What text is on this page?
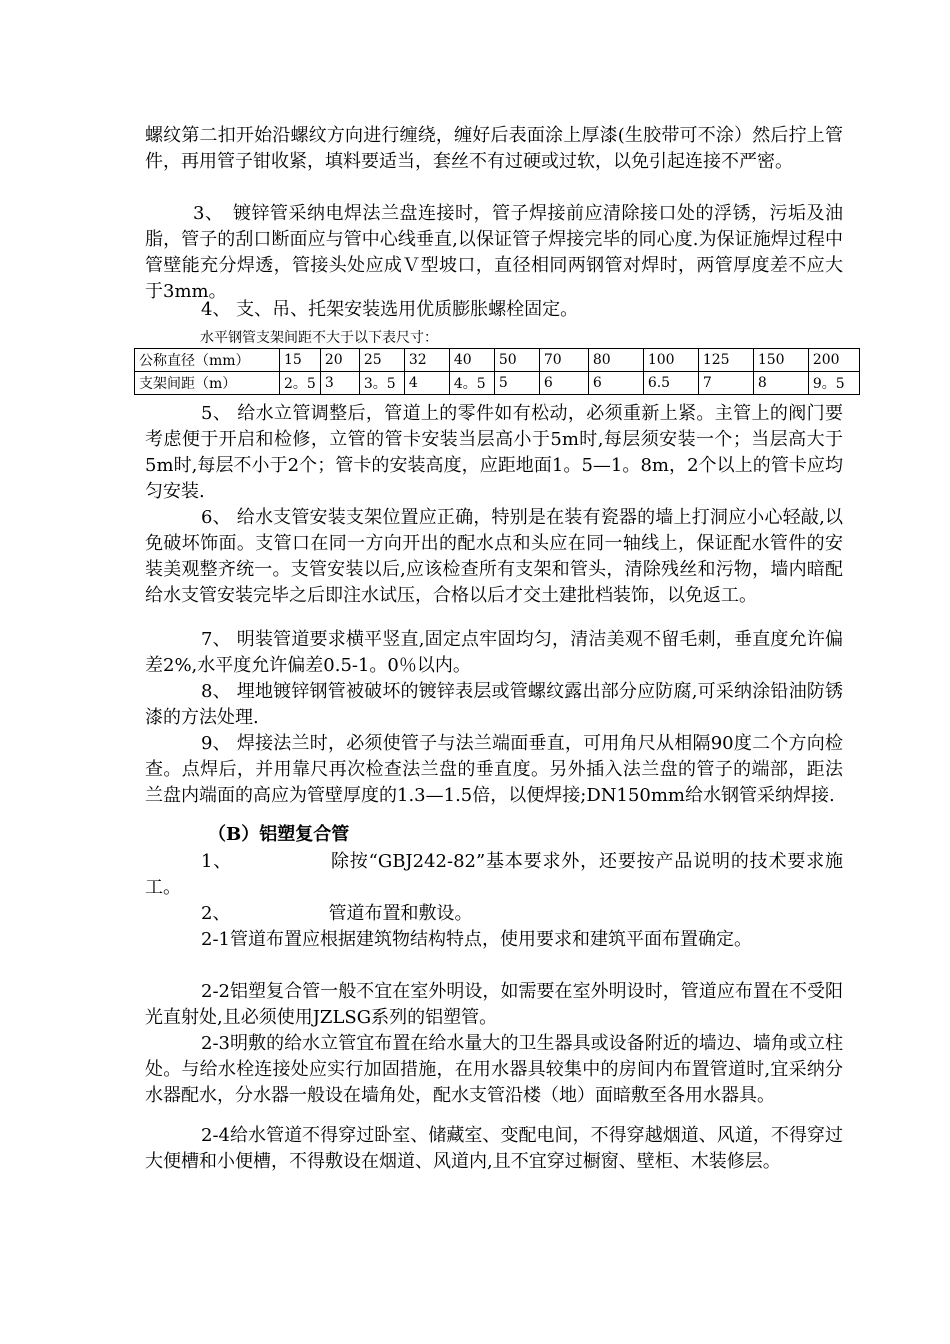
螺纹第二扣开始沿螺纹方向进行缠绕，缠好后表面涂上厚漆(生胶带可不涂）然后拧上管件，再用管子钳收紧，填料要适当，套丝不有过硬或过软，以免引起连接不严密。

3、　镀锌管采纳电焊法兰盘连接时，管子焊接前应清除接口处的浮锈，污垢及油脂，管子的刮口断面应与管中心线垂直,以保证管子焊接完毕的同心度.为保证施焊过程中管壁能充分焊透，管接头处应成Ｖ型坡口，直径相同两钢管对焊时，两管厚度差不应大于3mm。

4、 支、吊、托架安装选用优质膨胀螺栓固定。

水平钢管支架间距不大于以下表尺寸：
公称直径（mm）	15	20	25	32	40	50	70	80	100	125	150	200
支架间距（m）	2。5	3	3。5	4	4。5	5	6	6	6.5	7	8	9。5

5、 给水立管调整后，管道上的零件如有松动，必须重新上紧。主管上的阀门要考虑便于开启和检修，立管的管卡安装当层高小于5m时,每层须安装一个；当层高大于5m时,每层不小于2个；管卡的安装高度，应距地面1。5—1。8m，2个以上的管卡应均匀安装.

6、 给水支管安装支架位置应正确，特别是在装有瓷器的墙上打洞应小心轻敲,以免破坏饰面。支管口在同一方向开出的配水点和头应在同一轴线上，保证配水管件的安装美观整齐统一。支管安装以后,应该检查所有支架和管头，清除残丝和污物，墙内暗配给水支管安装完毕之后即注水试压，合格以后才交土建批档装饰，以免返工。

7、 明装管道要求横平竖直,固定点牢固均匀，清洁美观不留毛刺，垂直度允许偏差2%,水平度允许偏差0.5-1。0％以内。

8、 埋地镀锌钢管被破坏的镀锌表层或管螺纹露出部分应防腐,可采纳涂铅油防锈漆的方法处理.

9、 焊接法兰时，必须使管子与法兰端面垂直，可用角尺从相隔90度二个方向检查。点焊后，并用靠尺再次检查法兰盘的垂直度。另外插入法兰盘的管子的端部，距法兰盘内端面的高应为管壁厚度的1.3—1.5倍，以便焊接;DN150mm给水钢管采纳焊接.

（B）铝塑复合管

1、	除按“GBJ242-82”基本要求外，还要按产品说明的技术要求施工。

2、	管道布置和敷设。

2-1管道布置应根据建筑物结构特点，使用要求和建筑平面布置确定。

2-2铝塑复合管一般不宜在室外明设，如需要在室外明设时，管道应布置在不受阳光直射处,且必须使用JZLSG系列的铝塑管。

2-3明敷的给水立管宜布置在给水量大的卫生器具或设备附近的墙边、墙角或立柱处。与给水栓连接处应实行加固措施，在用水器具较集中的房间内布置管道时,宜采纳分水器配水，分水器一般设在墙角处，配水支管沿楼（地）面暗敷至各用水器具。

2-4给水管道不得穿过卧室、储藏室、变配电间，不得穿越烟道、风道，不得穿过大便槽和小便槽，不得敷设在烟道、风道内,且不宜穿过橱窗、壁柜、木装修层。
